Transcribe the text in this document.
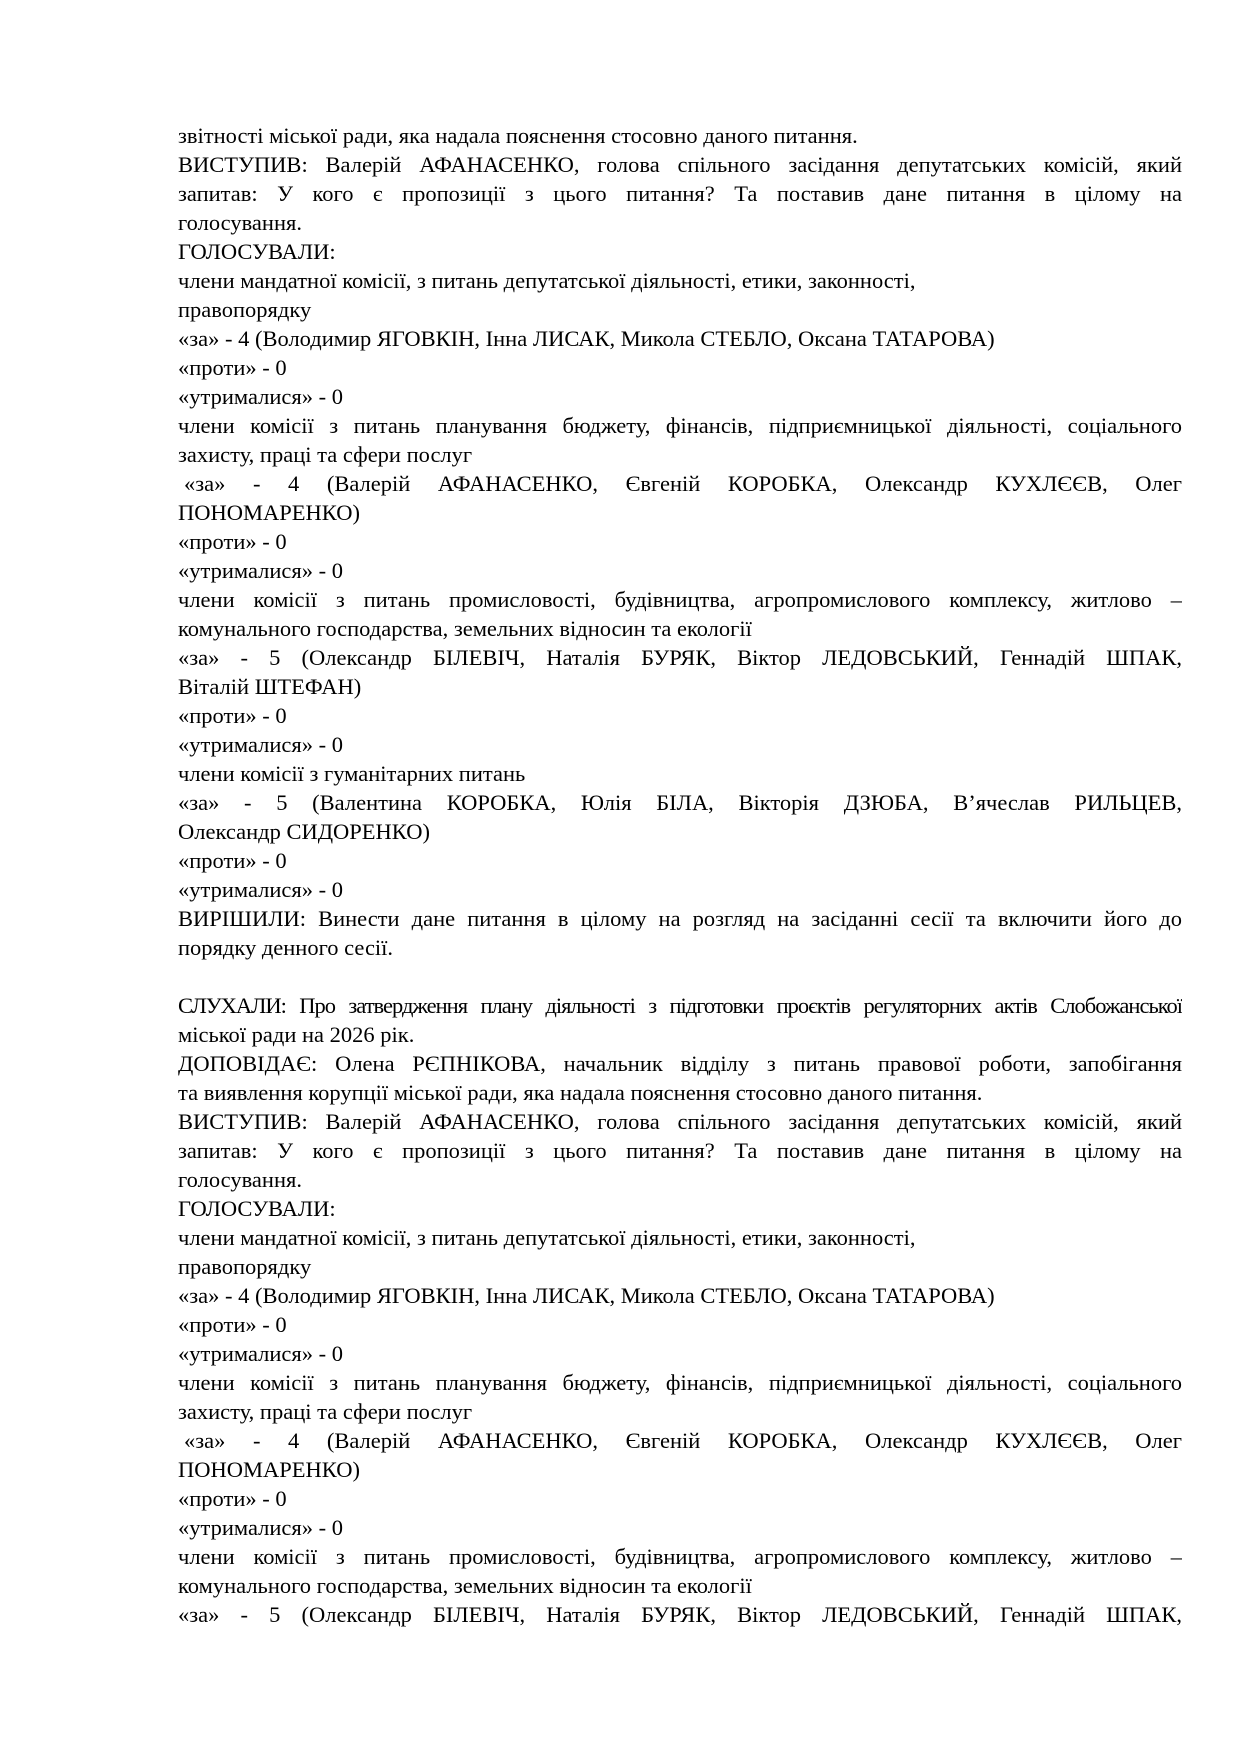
звітності міської ради, яка надала пояснення стосовно даного питання.
ВИСТУПИВ: Валерій АФАНАСЕНКО, голова спільного засідання депутатських комісій, який
запитав: У кого є пропозиції з цього питання? Та поставив дане питання в цілому на
голосування.
ГОЛОСУВАЛИ:
члени мандатної комісії, з питань депутатської діяльності, етики, законності,
правопорядку
«за» - 4 (Володимир ЯГОВКІН, Інна ЛИСАК, Микола СТЕБЛО, Оксана ТАТАРОВА)
«проти» - 0
«утрималися» - 0
члени комісії з питань планування бюджету, фінансів, підприємницької діяльності, соціального
захисту, праці та сфери послуг
«за» - 4 (Валерій АФАНАСЕНКО, Євгеній КОРОБКА, Олександр КУХЛЄЄВ, Олег
ПОНОМАРЕНКО)
«проти» - 0
«утрималися» - 0
члени комісії з питань промисловості, будівництва, агропромислового комплексу, житлово –
комунального господарства, земельних відносин та екології
«за» - 5 (Олександр БІЛЕВІЧ, Наталія БУРЯК, Віктор ЛЕДОВСЬКИЙ, Геннадій ШПАК,
Віталій ШТЕФАН)
«проти» - 0
«утрималися» - 0
члени комісії з гуманітарних питань
«за» - 5 (Валентина КОРОБКА, Юлія БІЛА, Вікторія ДЗЮБА, В’ячеслав РИЛЬЦЕВ,
Олександр СИДОРЕНКО)
«проти» - 0
«утрималися» - 0
ВИРІШИЛИ: Винести дане питання в цілому на розгляд на засіданні сесії та включити його до
порядку денного сесії.
СЛУХАЛИ: Про затвердження плану діяльності з підготовки проєктів регуляторних актів Слобожанської
міської ради на 2026 рік.
ДОПОВІДАЄ: Олена РЄПНІКОВА, начальник відділу з питань правової роботи, запобігання
та виявлення корупції міської ради, яка надала пояснення стосовно даного питання.
ВИСТУПИВ: Валерій АФАНАСЕНКО, голова спільного засідання депутатських комісій, який
запитав: У кого є пропозиції з цього питання? Та поставив дане питання в цілому на
голосування.
ГОЛОСУВАЛИ:
члени мандатної комісії, з питань депутатської діяльності, етики, законності,
правопорядку
«за» - 4 (Володимир ЯГОВКІН, Інна ЛИСАК, Микола СТЕБЛО, Оксана ТАТАРОВА)
«проти» - 0
«утрималися» - 0
члени комісії з питань планування бюджету, фінансів, підприємницької діяльності, соціального
захисту, праці та сфери послуг
«за» - 4 (Валерій АФАНАСЕНКО, Євгеній КОРОБКА, Олександр КУХЛЄЄВ, Олег
ПОНОМАРЕНКО)
«проти» - 0
«утрималися» - 0
члени комісії з питань промисловості, будівництва, агропромислового комплексу, житлово –
комунального господарства, земельних відносин та екології
«за» - 5 (Олександр БІЛЕВІЧ, Наталія БУРЯК, Віктор ЛЕДОВСЬКИЙ, Геннадій ШПАК,
